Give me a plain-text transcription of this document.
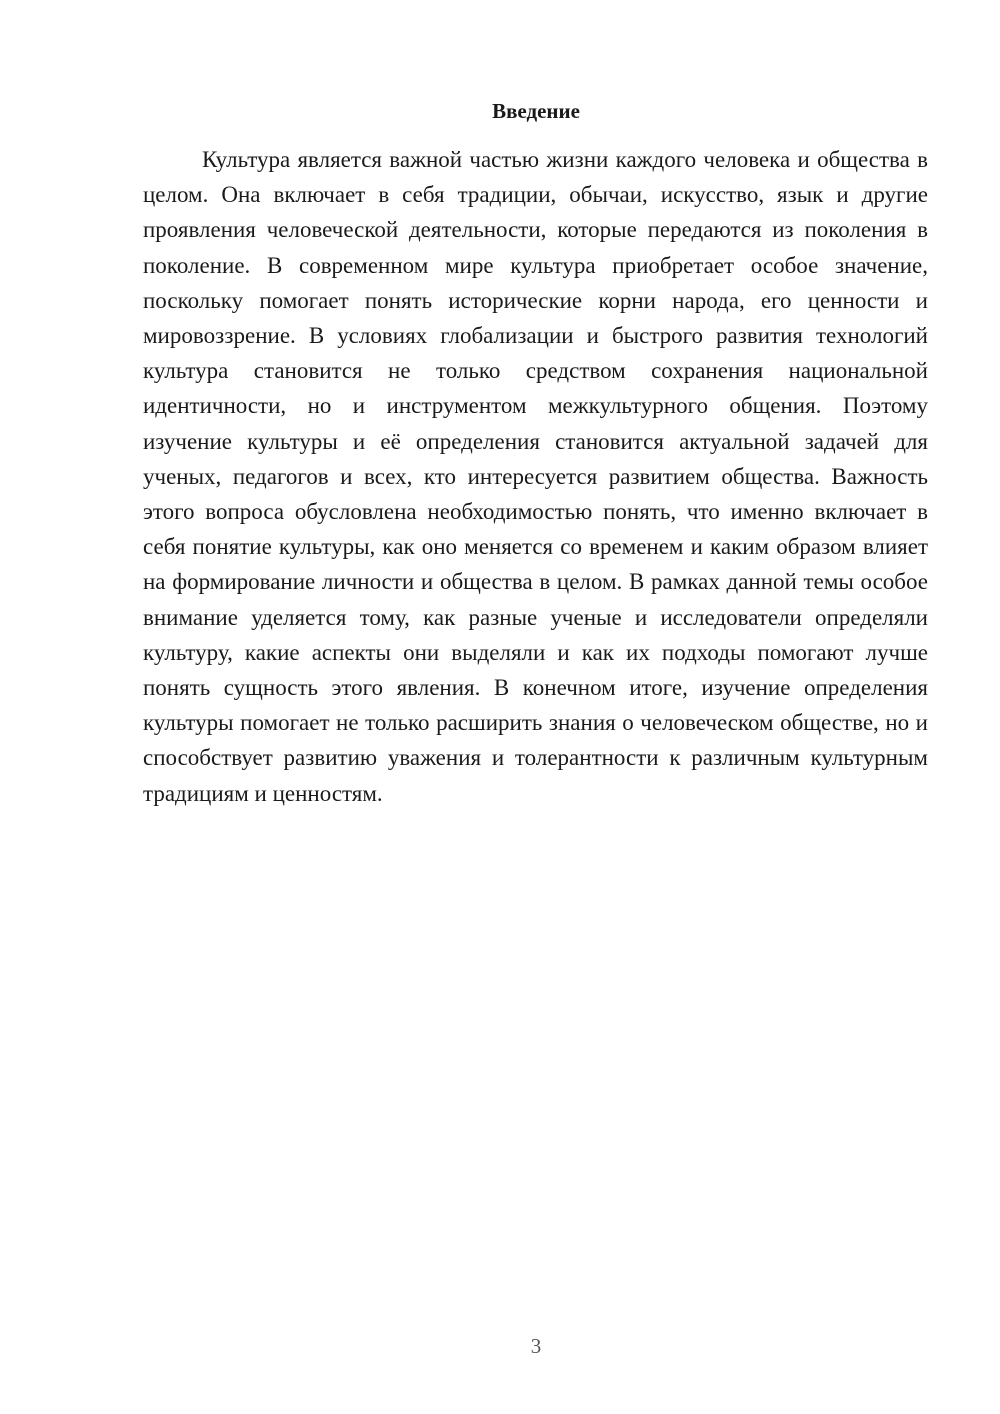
Введение

Культура является важной частью жизни каждого человека и общества в целом. Она включает в себя традиции, обычаи, искусство, язык и другие проявления человеческой деятельности, которые передаются из поколения в поколение. В современном мире культура приобретает особое значение, поскольку помогает понять исторические корни народа, его ценности и мировоззрение. В условиях глобализации и быстрого развития технологий культура становится не только средством сохранения национальной идентичности, но и инструментом межкультурного общения. Поэтому изучение культуры и её определения становится актуальной задачей для ученых, педагогов и всех, кто интересуется развитием общества. Важность этого вопроса обусловлена необходимостью понять, что именно включает в себя понятие культуры, как оно меняется со временем и каким образом влияет на формирование личности и общества в целом. В рамках данной темы особое внимание уделяется тому, как разные ученые и исследователи определяли культуру, какие аспекты они выделяли и как их подходы помогают лучше понять сущность этого явления. В конечном итоге, изучение определения культуры помогает не только расширить знания о человеческом обществе, но и способствует развитию уважения и толерантности к различным культурным традициям и ценностям.

3
